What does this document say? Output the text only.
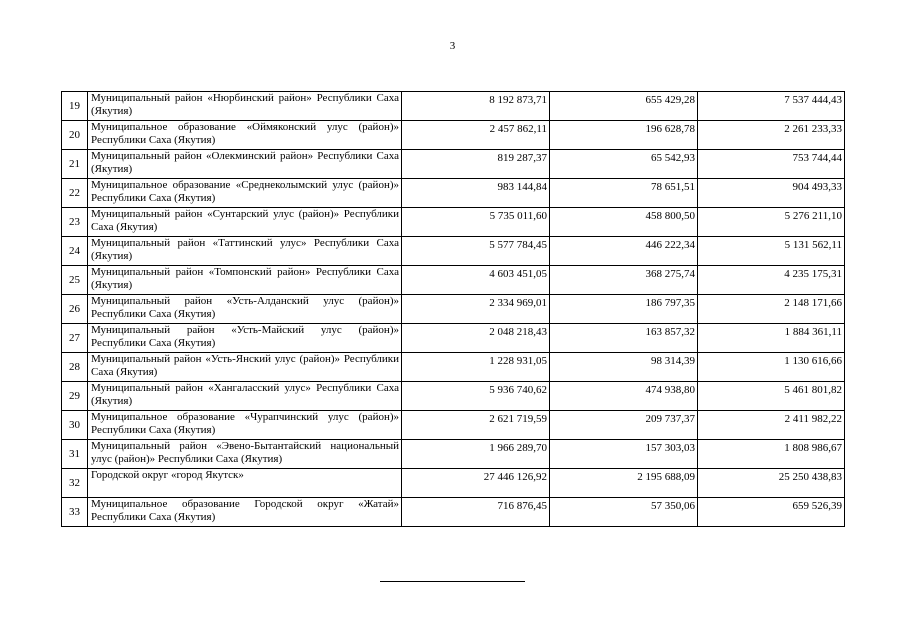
3
19	Муниципальный район «Нюрбинский район» Республики Саха (Якутия)	8 192 873,71	655 429,28	7 537 444,43
20	Муниципальное образование «Оймяконский улус (район)» Республики Саха (Якутия)	2 457 862,11	196 628,78	2 261 233,33
21	Муниципальный район «Олекминский район» Республики Саха (Якутия)	819 287,37	65 542,93	753 744,44
22	Муниципальное образование «Среднеколымский улус (район)» Республики Саха (Якутия)	983 144,84	78 651,51	904 493,33
23	Муниципальный район «Сунтарский улус (район)» Республики Саха (Якутия)	5 735 011,60	458 800,50	5 276 211,10
24	Муниципальный район «Таттинский улус» Республики Саха (Якутия)	5 577 784,45	446 222,34	5 131 562,11
25	Муниципальный район «Томпонский район» Республики Саха (Якутия)	4 603 451,05	368 275,74	4 235 175,31
26	Муниципальный район «Усть-Алданский улус (район)» Республики Саха (Якутия)	2 334 969,01	186 797,35	2 148 171,66
27	Муниципальный район «Усть-Майский улус (район)» Республики Саха (Якутия)	2 048 218,43	163 857,32	1 884 361,11
28	Муниципальный район «Усть-Янский улус (район)» Республики Саха (Якутия)	1 228 931,05	98 314,39	1 130 616,66
29	Муниципальный район «Хангаласский улус» Республики Саха (Якутия)	5 936 740,62	474 938,80	5 461 801,82
30	Муниципальное образование «Чурапчинский улус (район)» Республики Саха (Якутия)	2 621 719,59	209 737,37	2 411 982,22
31	Муниципальный район «Эвено-Бытантайский национальный улус (район)» Республики Саха (Якутия)	1 966 289,70	157 303,03	1 808 986,67
32	Городской округ «город Якутск»	27 446 126,92	2 195 688,09	25 250 438,83
33	Муниципальное образование Городской округ «Жатай» Республики Саха (Якутия)	716 876,45	57 350,06	659 526,39
